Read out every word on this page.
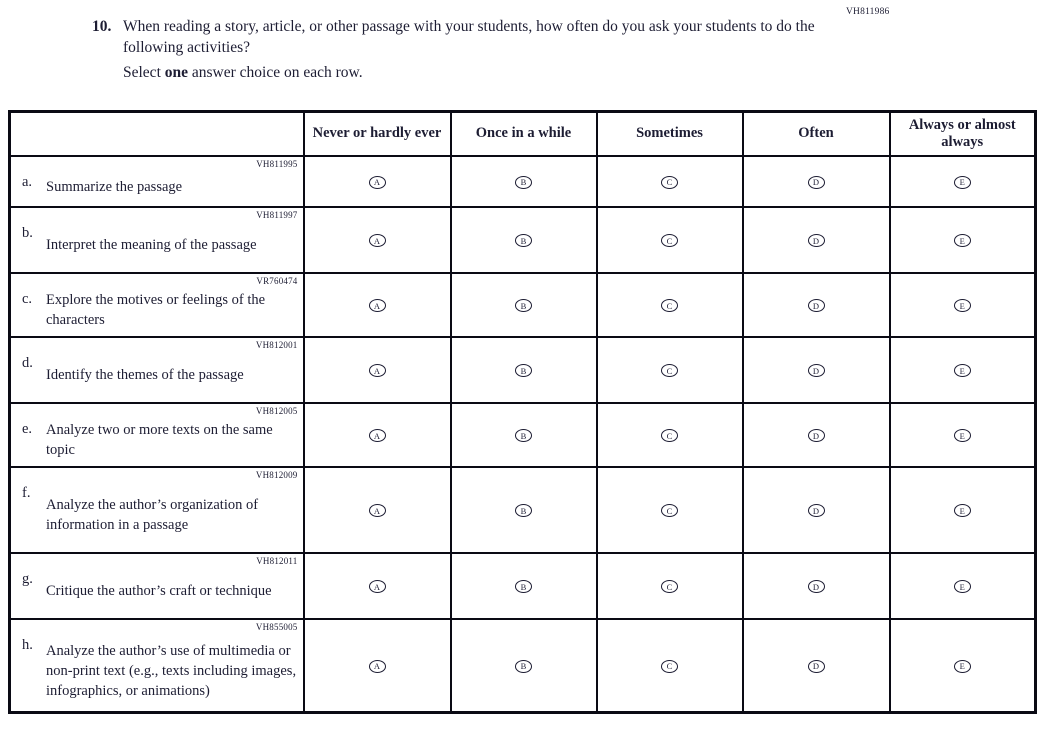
VH811986
10. When reading a story, article, or other passage with your students, how often do you ask your students to do the following activities?
Select one answer choice on each row.
	Never or hardly ever	Once in a while	Sometimes	Often	Always or almost always

VH811995
a. Summarize the passage	A	B	C	D	E

VH811997
b.
Interpret the meaning of the passage	A	B	C	D	E

VR760474
c. Explore the motives or feelings of the characters	A	B	C	D	E

VH812001
d.
Identify the themes of the passage	A	B	C	D	E

VH812005
e. Analyze two or more texts on the same topic	A	B	C	D	E

VH812009
f.
Analyze the author’s organization of information in a passage	A	B	C	D	E

VH812011
g.
Critique the author’s craft or technique	A	B	C	D	E

VH855005
h. Analyze the author’s use of multimedia or non-print text (e.g., texts including images, infographics, or animations)	A	B	C	D	E
